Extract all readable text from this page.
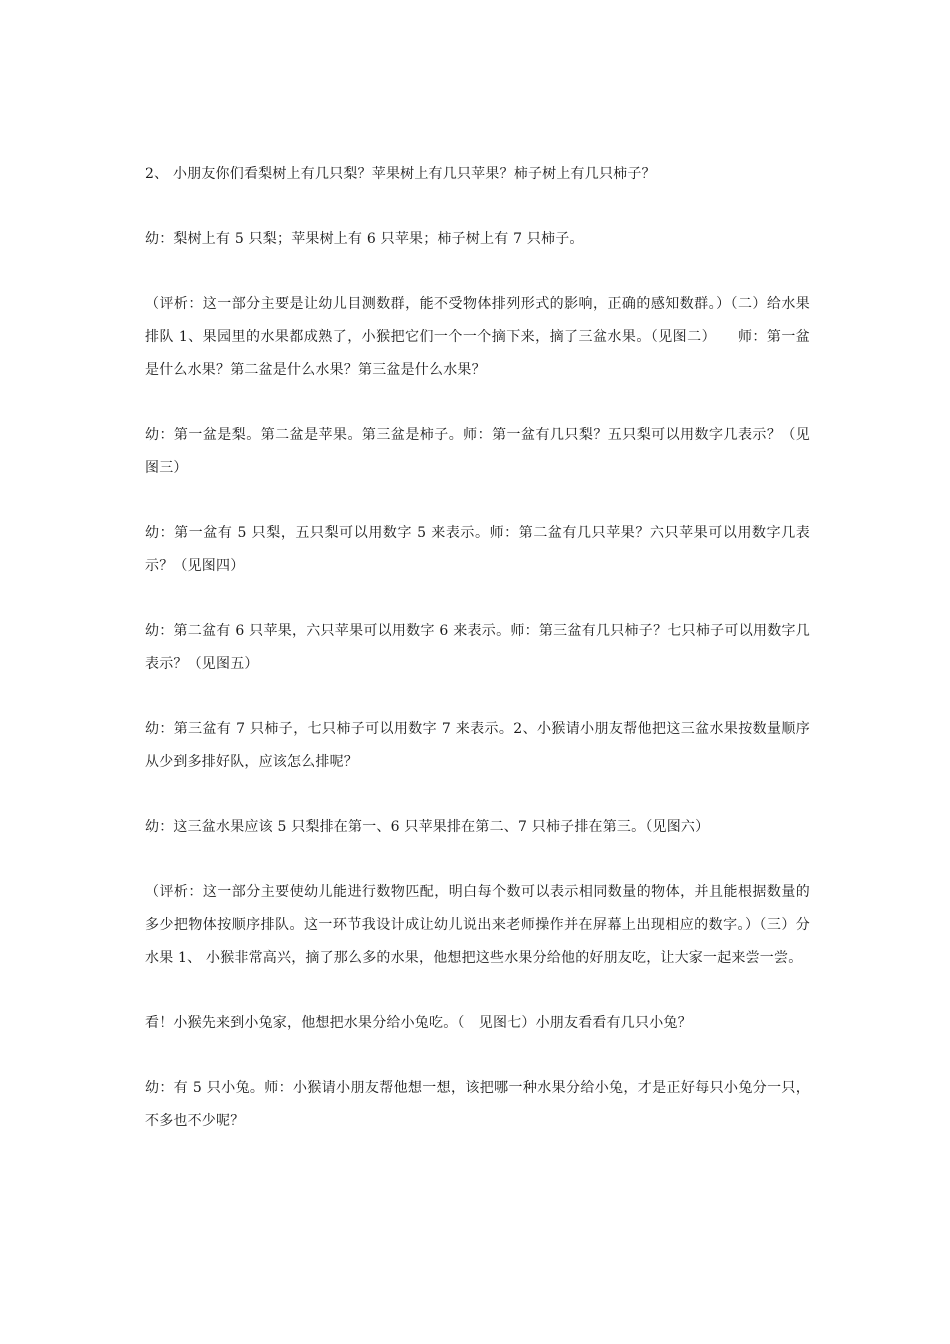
2、 小朋友你们看梨树上有几只梨？苹果树上有几只苹果？柿子树上有几只柿子？

幼：梨树上有 5 只梨；苹果树上有 6 只苹果；柿子树上有 7 只柿子。

（评析：这一部分主要是让幼儿目测数群，能不受物体排列形式的影响，正确的感知数群。）（二）给水果排队 1、果园里的水果都成熟了，小猴把它们一个一个摘下来，摘了三盆水果。（见图二）　　师：第一盆是什么水果？第二盆是什么水果？第三盆是什么水果？

幼：第一盆是梨。第二盆是苹果。第三盆是柿子。师：第一盆有几只梨？五只梨可以用数字几表示？（见图三）

幼：第一盆有 5 只梨，五只梨可以用数字 5 来表示。师：第二盆有几只苹果？六只苹果可以用数字几表示？（见图四）

幼：第二盆有 6 只苹果，六只苹果可以用数字 6 来表示。师：第三盆有几只柿子？七只柿子可以用数字几表示？（见图五）

幼：第三盆有 7 只柿子，七只柿子可以用数字 7 来表示。2、小猴请小朋友帮他把这三盆水果按数量顺序从少到多排好队，应该怎么排呢？

幼：这三盆水果应该 5 只梨排在第一、6 只苹果排在第二、7 只柿子排在第三。（见图六）

（评析：这一部分主要使幼儿能进行数物匹配，明白每个数可以表示相同数量的物体，并且能根据数量的多少把物体按顺序排队。这一环节我设计成让幼儿说出来老师操作并在屏幕上出现相应的数字。）（三）分水果 1、 小猴非常高兴，摘了那么多的水果，他想把这些水果分给他的好朋友吃，让大家一起来尝一尝。

看！小猴先来到小兔家，他想把水果分给小兔吃。（　见图七）小朋友看看有几只小兔？

幼：有 5 只小兔。师：小猴请小朋友帮他想一想，该把哪一种水果分给小兔，才是正好每只小兔分一只，不多也不少呢？
